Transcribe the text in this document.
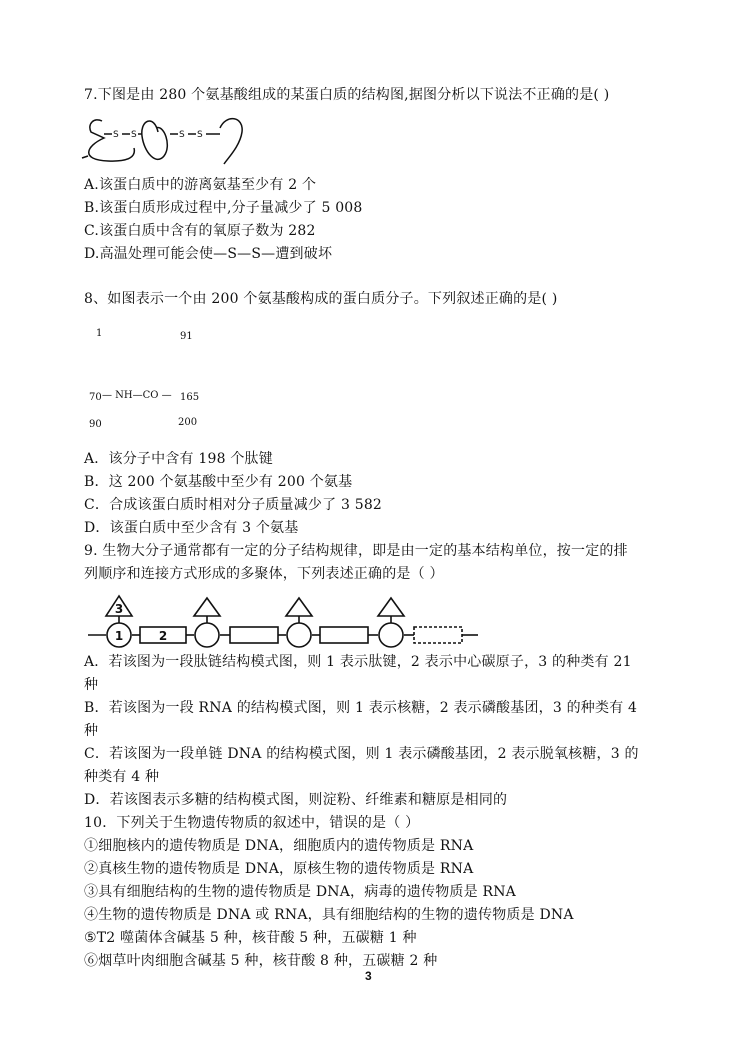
7.下图是由 280 个氨基酸组成的某蛋白质的结构图,据图分析以下说法不正确的是( )
S S	S S
A.该蛋白质中的游离氨基至少有 2 个
B.该蛋白质形成过程中,分子量减少了 5 008
C.该蛋白质中含有的氧原子数为 282
D.高温处理可能会使—S—S—遭到破坏
8、如图表示一个由 200 个氨基酸构成的蛋白质分子。下列叙述正确的是( )
1	91
70 — NH—CO — 165
90	200
A．该分子中含有 198 个肽键
B．这 200 个氨基酸中至少有 200 个氨基
C．合成该蛋白质时相对分子质量减少了 3 582
D．该蛋白质中至少含有 3 个氨基
9. 生物大分子通常都有一定的分子结构规律，即是由一定的基本结构单位，按一定的排
列顺序和连接方式形成的多聚体，下列表述正确的是（ ）
3
1	2
A．若该图为一段肽链结构模式图，则 1 表示肽键，2 表示中心碳原子，3 的种类有 21
种
B．若该图为一段 RNA 的结构模式图，则 1 表示核糖，2 表示磷酸基团，3 的种类有 4
种
C．若该图为一段单链 DNA 的结构模式图，则 1 表示磷酸基团，2 表示脱氧核糖，3 的
种类有 4 种
D．若该图表示多糖的结构模式图，则淀粉、纤维素和糖原是相同的
10．下列关于生物遗传物质的叙述中，错误的是（ ）
①细胞核内的遗传物质是 DNA，细胞质内的遗传物质是 RNA
②真核生物的遗传物质是 DNA，原核生物的遗传物质是 RNA
③具有细胞结构的生物的遗传物质是 DNA，病毒的遗传物质是 RNA
④生物的遗传物质是 DNA 或 RNA，具有细胞结构的生物的遗传物质是 DNA
⑤T2 噬菌体含碱基 5 种，核苷酸 5 种，五碳糖 1 种
⑥烟草叶肉细胞含碱基 5 种，核苷酸 8 种，五碳糖 2 种
3
